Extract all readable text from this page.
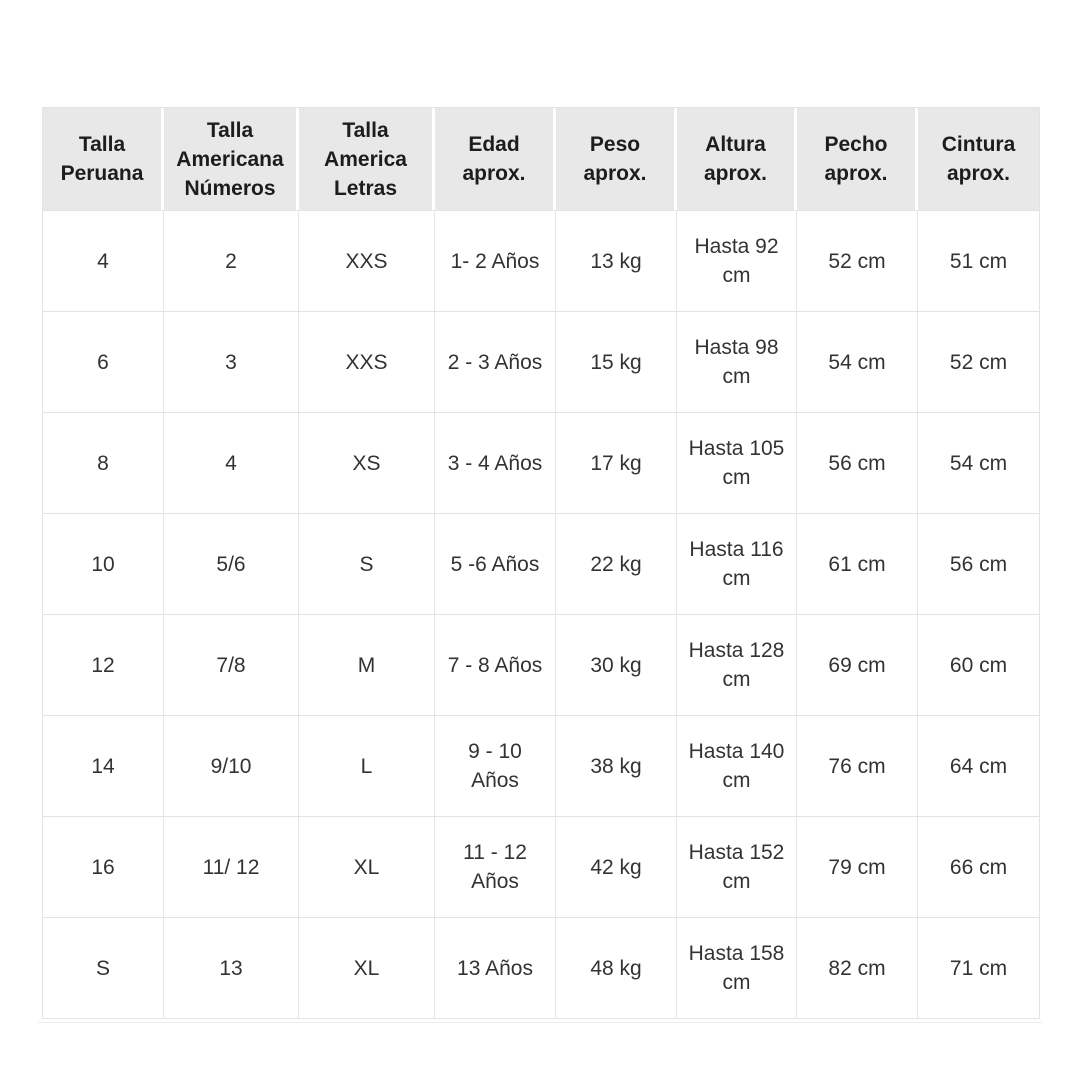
Talla Peruana	Talla Americana Números	Talla America Letras	Edad aprox.	Peso aprox.	Altura aprox.	Pecho aprox.	Cintura aprox.
4	2	XXS	1- 2 Años	13 kg	Hasta 92 cm	52 cm	51 cm
6	3	XXS	2 - 3 Años	15 kg	Hasta 98 cm	54 cm	52 cm
8	4	XS	3 - 4 Años	17 kg	Hasta 105 cm	56 cm	54 cm
10	5/6	S	5 -6 Años	22 kg	Hasta 116 cm	61 cm	56 cm
12	7/8	M	7 - 8 Años	30 kg	Hasta 128 cm	69 cm	60 cm
14	9/10	L	9 - 10 Años	38 kg	Hasta 140 cm	76 cm	64 cm
16	11/ 12	XL	11 - 12 Años	42 kg	Hasta 152 cm	79 cm	66 cm
S	13	XL	13 Años	48 kg	Hasta 158 cm	82 cm	71 cm
